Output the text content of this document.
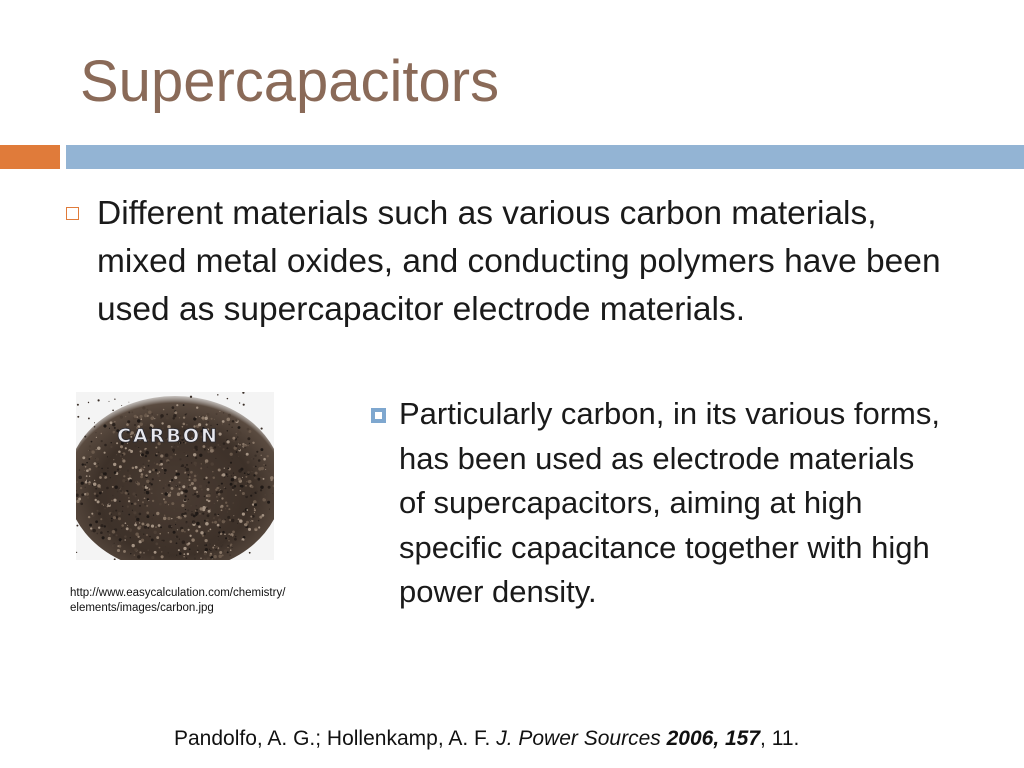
Supercapacitors
Different materials such as various carbon materials, mixed metal oxides, and conducting polymers have been used as supercapacitor electrode materials.
CARBON
http://www.easycalculation.com/chemistry/elements/images/carbon.jpg
Particularly carbon, in its various forms, has been used as electrode materials of supercapacitors, aiming at high specific capacitance together with high power density.
Pandolfo, A. G.; Hollenkamp, A. F. J. Power Sources 2006, 157, 11.
